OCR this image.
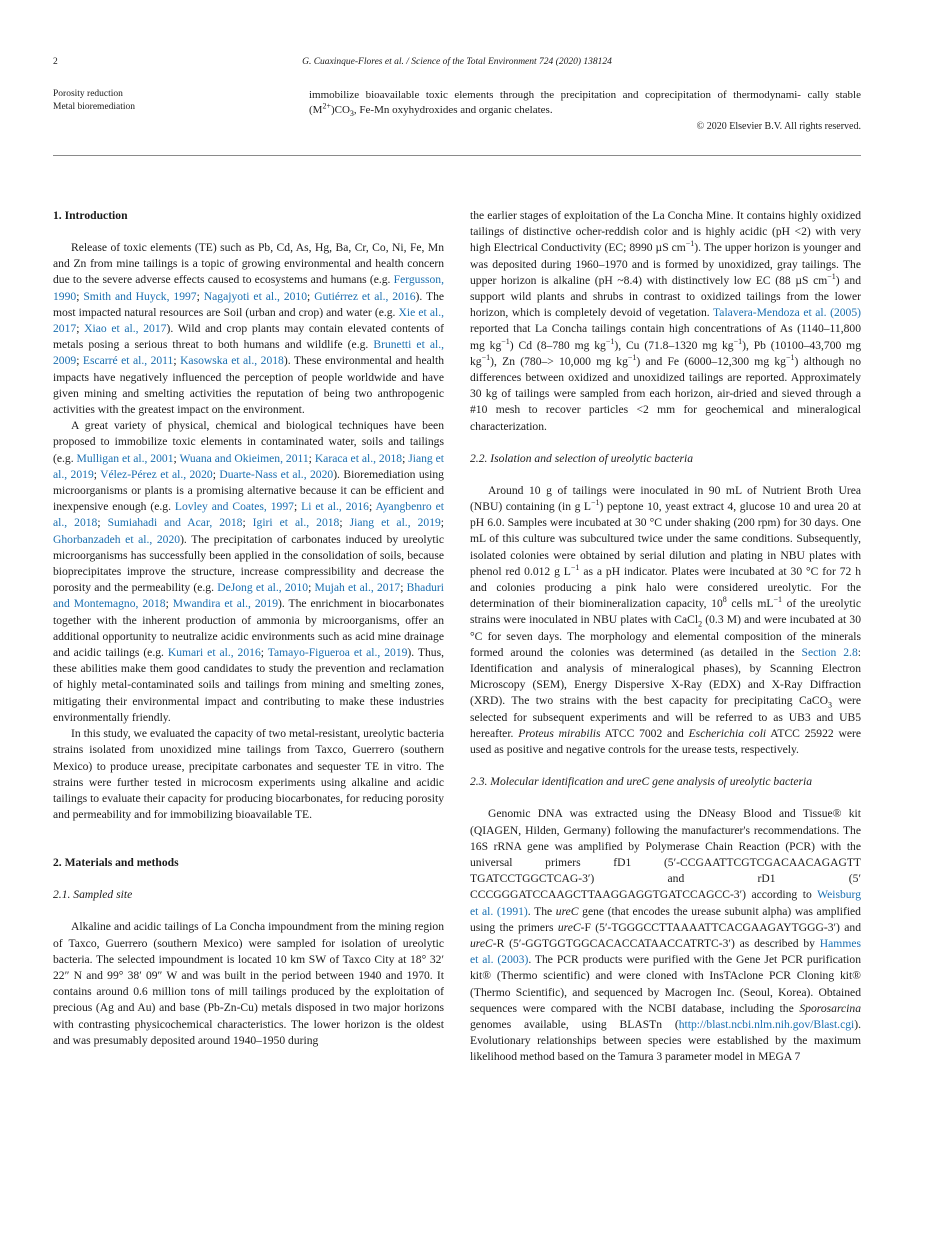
2	G. Cuaxinque-Flores et al. / Science of the Total Environment 724 (2020) 138124
Porosity reduction
Metal bioremediation

immobilize bioavailable toxic elements through the precipitation and coprecipitation of thermodynami- cally stable $(M^{2+})CO_3$, Fe-Mn oxyhydroxides and organic chelates.

© 2020 Elsevier B.V. All rights reserved.
1. Introduction

Release of toxic elements (TE) such as Pb, Cd, As, Hg, Ba, Cr, Co, Ni, Fe, Mn and Zn from mine tailings is a topic of growing environmental and health concern due to the severe adverse effects caused to ecosystems and humans (e.g. Fergusson, 1990; Smith and Huyck, 1997; Nagajyoti et al., 2010; Gutiérrez et al., 2016). The most impacted natural resources are Soil (urban and crop) and water (e.g. Xie et al., 2017; Xiao et al., 2017). Wild and crop plants may contain elevated contents of metals posing a serious threat to both humans and wildlife (e.g. Brunetti et al., 2009; Escarré et al., 2011; Kasowska et al., 2018). These environmental and health impacts have negatively influenced the perception of people worldwide and have given mining and smelting activities the reputation of being two anthropogenic activities with the greatest impact on the environment.

A great variety of physical, chemical and biological techniques have been proposed to immobilize toxic elements in contaminated water, soils and tailings (e.g. Mulligan et al., 2001; Wuana and Okieimen, 2011; Karaca et al., 2018; Jiang et al., 2019; Vélez-Pérez et al., 2020; Duarte-Nass et al., 2020). Bioremediation using microorganisms or plants is a promising alternative because it can be efficient and inexpensive enough (e.g. Lovley and Coates, 1997; Li et al., 2016; Ayangbenro et al., 2018; Sumiahadi and Acar, 2018; Igiri et al., 2018; Jiang et al., 2019; Ghorbanzadeh et al., 2020). The precipitation of carbonates induced by ureolytic microorganisms has successfully been applied in the consolidation of soils, because bioprecipitates improve the structure, increase compressibility and decrease the porosity and the permeability (e.g. DeJong et al., 2010; Mujah et al., 2017; Bhaduri and Montemagno, 2018; Mwandira et al., 2019). The enrichment in biocarbonates together with the inherent production of ammonia by microorganisms, offer an additional opportunity to neutralize acidic environments such as acid mine drainage and acidic tailings (e.g. Kumari et al., 2016; Tamayo-Figueroa et al., 2019). Thus, these abilities make them good candidates to study the prevention and reclamation of highly metal-contaminated soils and tailings from mining and smelting zones, mitigating their environmental impact and contributing to make these industries environmentally friendly.

In this study, we evaluated the capacity of two metal-resistant, ureolytic bacteria strains isolated from unoxidized mine tailings from Taxco, Guerrero (southern Mexico) to produce urease, precipitate carbonates and sequester TE in vitro. The strains were further tested in microcosm experiments using alkaline and acidic tailings to evaluate their capacity for producing biocarbonates, for reducing porosity and permeability and for immobilizing bioavailable TE.

2. Materials and methods
2.1. Sampled site

Alkaline and acidic tailings of La Concha impoundment from the mining region of Taxco, Guerrero (southern Mexico) were sampled for isolation of ureolytic bacteria. The selected impoundment is located 10 km SW of Taxco City at 18° 32′ 22″ N and 99° 38′ 09″ W and was built in the period between 1940 and 1970. It contains around 0.6 million tons of mill tailings produced by the exploitation of precious (Ag and Au) and base (Pb-Zn-Cu) metals disposed in two major horizons with contrasting physicochemical characteristics. The lower horizon is the oldest and was presumably deposited around 1940–1950 during

the earlier stages of exploitation of the La Concha Mine. It contains highly oxidized tailings of distinctive ocher-reddish color and is highly acidic (pH <2) with very high Electrical Conductivity (EC; 8990 µS $cm^{-1}$). The upper horizon is younger and was deposited during 1960–1970 and is formed by unoxidized, gray tailings. The upper horizon is alkaline (pH ~8.4) with distinctively low EC (88 µS $cm^{-1}$) and support wild plants and shrubs in contrast to oxidized tailings from the lower horizon, which is completely devoid of vegetation. Talavera-Mendoza et al. (2005) reported that La Concha tailings contain high concentrations of As (1140–11,800 mg $kg^{-1}$) Cd (8–780 mg $kg^{-1}$), Cu (71.8–1320 mg $kg^{-1}$), Pb (10100–43,700 mg $kg^{-1}$), Zn (780–> 10,000 mg $kg^{-1}$) and Fe (6000–12,300 mg $kg^{-1}$) although no differences between oxidized and unoxidized tailings are reported. Approximately 30 kg of tailings were sampled from each horizon, air-dried and sieved through a #10 mesh to recover particles <2 mm for geochemical and mineralogical characterization.

2.2. Isolation and selection of ureolytic bacteria

Around 10 g of tailings were inoculated in 90 mL of Nutrient Broth Urea (NBU) containing (in g $L^{-1}$) peptone 10, yeast extract 4, glucose 10 and urea 20 at pH 6.0. Samples were incubated at 30 °C under shaking (200 rpm) for 30 days. One mL of this culture was subcultured twice under the same conditions. Subsequently, isolated colonies were obtained by serial dilution and plating in NBU plates with phenol red 0.012 g $L^{-1}$ as a pH indicator. Plates were incubated at 30 °C for 72 h and colonies producing a pink halo were considered ureolytic. For the determination of their biomineralization capacity, $10^8$ cells $mL^{-1}$ of the ureolytic strains were inoculated in NBU plates with CaCl$_2$ (0.3 M) and were incubated at 30 °C for seven days. The morphology and elemental composition of the minerals formed around the colonies was determined (as detailed in the Section 2.8: Identification and analysis of mineralogical phases), by Scanning Electron Microscopy (SEM), Energy Dispersive X-Ray (EDX) and X-Ray Diffraction (XRD). The two strains with the best capacity for precipitating CaCO$_3$ were selected for subsequent experiments and will be referred to as UB3 and UB5 hereafter. Proteus mirabilis ATCC 7002 and Escherichia coli ATCC 25922 were used as positive and negative controls for the urease tests, respectively.

2.3. Molecular identification and ureC gene analysis of ureolytic bacteria

Genomic DNA was extracted using the DNeasy Blood and Tissue® kit (QIAGEN, Hilden, Germany) following the manufacturer's recommendations. The 16S rRNA gene was amplified by Polymerase Chain Reaction (PCR) with the universal primers fD1 (5′-CCGAATTCGTCGACAACAGAGTT TGATCCTGGCTCAG-3′) and rD1 (5′ CCCGGGATCCAAGCTTAAGGAGGTGATCCAGCC-3′) according to Weisburg et al. (1991). The ureC gene (that encodes the urease subunit alpha) was amplified using the primers ureC-F (5′-TGGGCCTTAAAATTCACGAAGAYTGGG-3′) and ureC-R (5′-GGTGGTGGCACACCATAACCATRTC-3′) as described by Hammes et al. (2003). The PCR products were purified with the Gene Jet PCR purification kit® (Thermo scientific) and were cloned with InsTAclone PCR Cloning kit® (Thermo Scientific), and sequenced by Macrogen Inc. (Seoul, Korea). Obtained sequences were compared with the NCBI database, including the Sporosarcina genomes available, using BLASTn (http://blast.ncbi.nlm.nih.gov/Blast.cgi). Evolutionary relationships between species were established by the maximum likelihood method based on the Tamura 3 parameter model in MEGA 7
